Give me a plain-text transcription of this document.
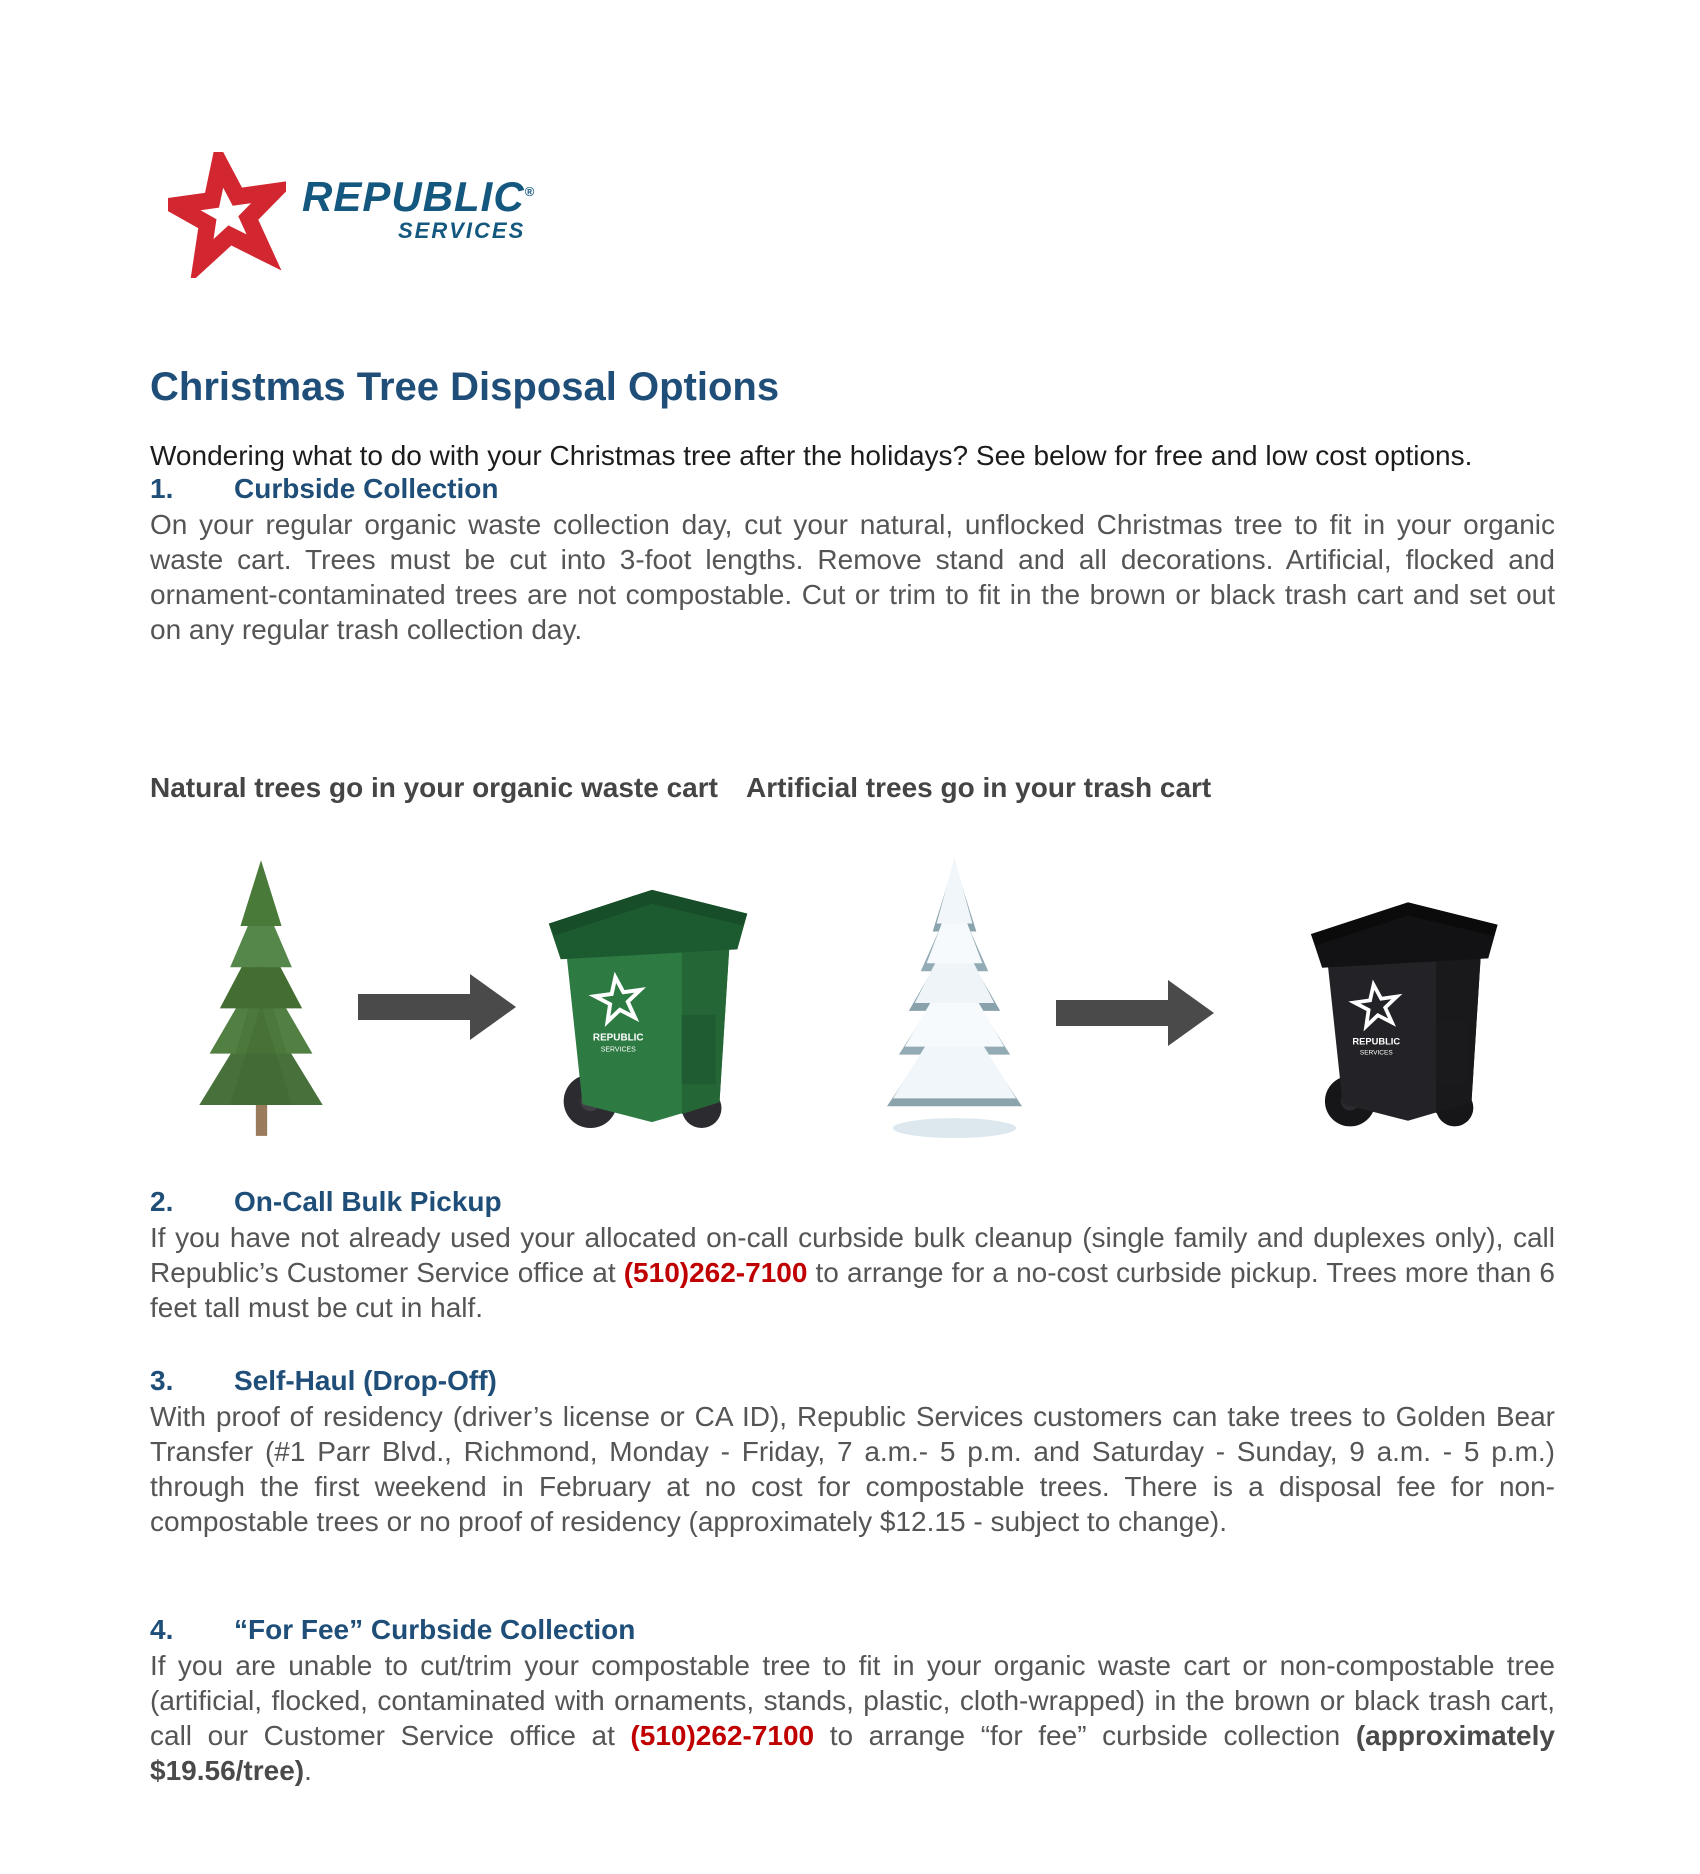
REPUBLIC®
SERVICES
Christmas Tree Disposal Options

Wondering what to do with your Christmas tree after the holidays? See below for free and low cost options.

1. Curbside Collection

On your regular organic waste collection day, cut your natural, unflocked Christmas tree to fit in your organic waste cart. Trees must be cut into 3-foot lengths. Remove stand and all decorations. Artificial, flocked and ornament-contaminated trees are not compostable. Cut or trim to fit in the brown or black trash cart and set out on any regular trash collection day.

Natural trees go in your organic waste cart Artificial trees go in your trash cart
REPUBLIC
SERVICES
REPUBLIC
SERVICES
2. On-Call Bulk Pickup

If you have not already used your allocated on-call curbside bulk cleanup (single family and duplexes only), call Republic’s Customer Service office at (510)262-7100 to arrange for a no-cost curbside pickup. Trees more than 6 feet tall must be cut in half.

3. Self-Haul (Drop-Off)

With proof of residency (driver’s license or CA ID), Republic Services customers can take trees to Golden Bear Transfer (#1 Parr Blvd., Richmond, Monday - Friday, 7 a.m.- 5 p.m. and Saturday - Sunday, 9 a.m. - 5 p.m.) through the first weekend in February at no cost for compostable trees. There is a disposal fee for non-compostable trees or no proof of residency (approximately $12.15 - subject to change).

4. “For Fee” Curbside Collection

If you are unable to cut/trim your compostable tree to fit in your organic waste cart or non-compostable tree (artificial, flocked, contaminated with ornaments, stands, plastic, cloth-wrapped) in the brown or black trash cart, call our Customer Service office at (510)262-7100 to arrange “for fee” curbside collection (approximately $19.56/tree).
